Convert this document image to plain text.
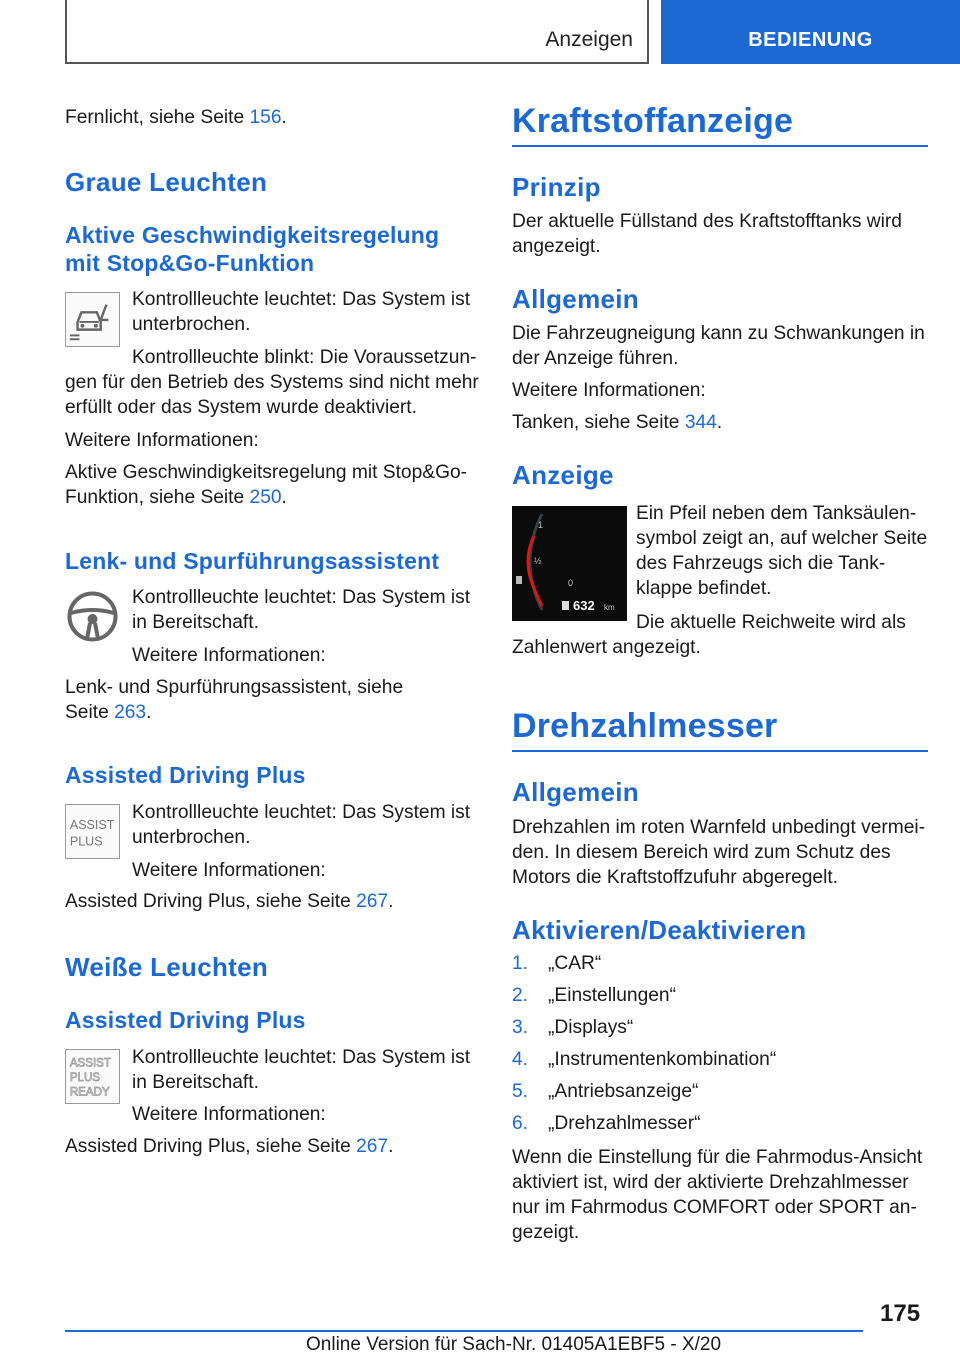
Anzeigen	BEDIENUNG

Fernlicht, siehe Seite 156.

Graue Leuchten
Aktive Geschwindigkeitsregelung
mit Stop&Go-Funktion

Kontrollleuchte leuchtet: Das System ist
unterbrochen.

Kontrollleuchte blinkt: Die Voraussetzun-

gen für den Betrieb des Systems sind nicht mehr
erfüllt oder das System wurde deaktiviert.

Weitere Informationen:

Aktive Geschwindigkeitsregelung mit Stop&Go-
Funktion, siehe Seite 250.

Lenk- und Spurführungsassistent

Kontrollleuchte leuchtet: Das System ist
in Bereitschaft.

Weitere Informationen:

Lenk- und Spurführungsassistent, siehe
Seite 263.

Assisted Driving Plus
ASSIST
PLUS

Kontrollleuchte leuchtet: Das System ist
unterbrochen.

Weitere Informationen:

Assisted Driving Plus, siehe Seite 267.

Weiße Leuchten
Assisted Driving Plus
ASSIST
PLUS
READY

Kontrollleuchte leuchtet: Das System ist
in Bereitschaft.

Weitere Informationen:

Assisted Driving Plus, siehe Seite 267.

Kraftstoffanzeige
Prinzip

Der aktuelle Füllstand des Kraftstofftanks wird
angezeigt.

Allgemein

Die Fahrzeugneigung kann zu Schwankungen in
der Anzeige führen.

Weitere Informationen:

Tanken, siehe Seite 344.

Anzeige
1
½
0
632 km

Ein Pfeil neben dem Tanksäulen-
symbol zeigt an, auf welcher Seite
des Fahrzeugs sich die Tank-
klappe befindet.

Die aktuelle Reichweite wird als

Zahlenwert angezeigt.

Drehzahlmesser
Allgemein

Drehzahlen im roten Warnfeld unbedingt vermei-
den. In diesem Bereich wird zum Schutz des
Motors die Kraftstoffzufuhr abgeregelt.

Aktivieren/Deaktivieren
1. „CAR“
2. „Einstellungen“
3. „Displays“
4. „Instrumentenkombination“
5. „Antriebsanzeige“
6. „Drehzahlmesser“

Wenn die Einstellung für die Fahrmodus-Ansicht
aktiviert ist, wird der aktivierte Drehzahlmesser
nur im Fahrmodus COMFORT oder SPORT an-
gezeigt.

175
Online Version für Sach-Nr. 01405A1EBF5 - X/20
